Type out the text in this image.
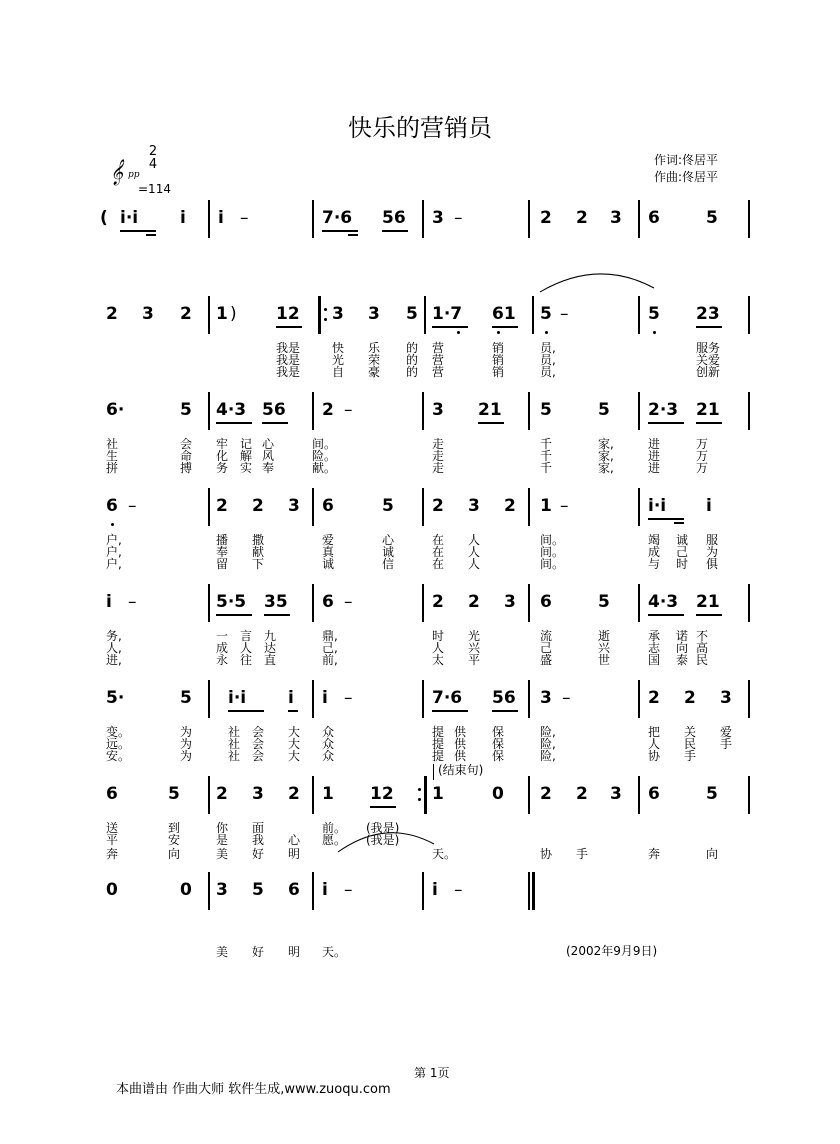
快乐的营销员
作词:佟居平
作曲:佟居平
𝄞 pp
2
4
=114
( i·i i i –	7·6 56 3 –	2 2 3 6	5
2 3 2 1 ) 12 3 3 5 1·7 61 5 –	5 23
我是	快 乐 的 营	销	员,	服务
我是	光 荣 的 营	销	员,	关爱
我是	自 豪 的 营	销	员,	创新
6·	5 4·3 56 2 –	3 21 5	5 2·3 21
社	会 牢 记 心	间。	走	千	家,	进	万
生	命 化 解 风	险。	走	千	家,	进	万
拼	搏 务 实 奉	献。	走	千	家,	进	万
6 –	2 2 3 6	5 2 3 2 1 –	i·i i
户,	播 撒	爱	心	在 人	间。	竭 诚 服
户,	奉 献	真	诚	在 人	间。	成 己 为
户,	留 下	诚	信	在 人	间。	与 时 俱
i –	5·5 35 6 –	2 2 3 6	5 4·3 21
务,	一 言 九	鼎,	时 光	流	逝	承 诺 不
人,	成 人 达	己,	人 兴	己	兴	志 向 高
进,	永 往 直	前,	太 平	盛	世	国 泰 民
5·	5 i·i i i –	7·6 56 3 –	2 2 3
变。	为	社 会 大 众	提 供 保	险,	把 关 爱
远。	为	社 会 大 众	提 供 保	险,	人 民 手
安。	为	社 会 大 众	提 供 保	险,	协 手
(结束句)
6	5 2 3 2 1 12 1	0 2 2 3 6	5
送	到	你 面	前。 (我是)
平	安	是 我 心 愿。 (我是)
奔	向	美 好 明	天。	协 手	奔	向
0	0 3 5 6 i –	i –
美 好 明 天。	(2002年9月9日)
第 1页
本曲谱由 作曲大师 软件生成,www.zuoqu.com
